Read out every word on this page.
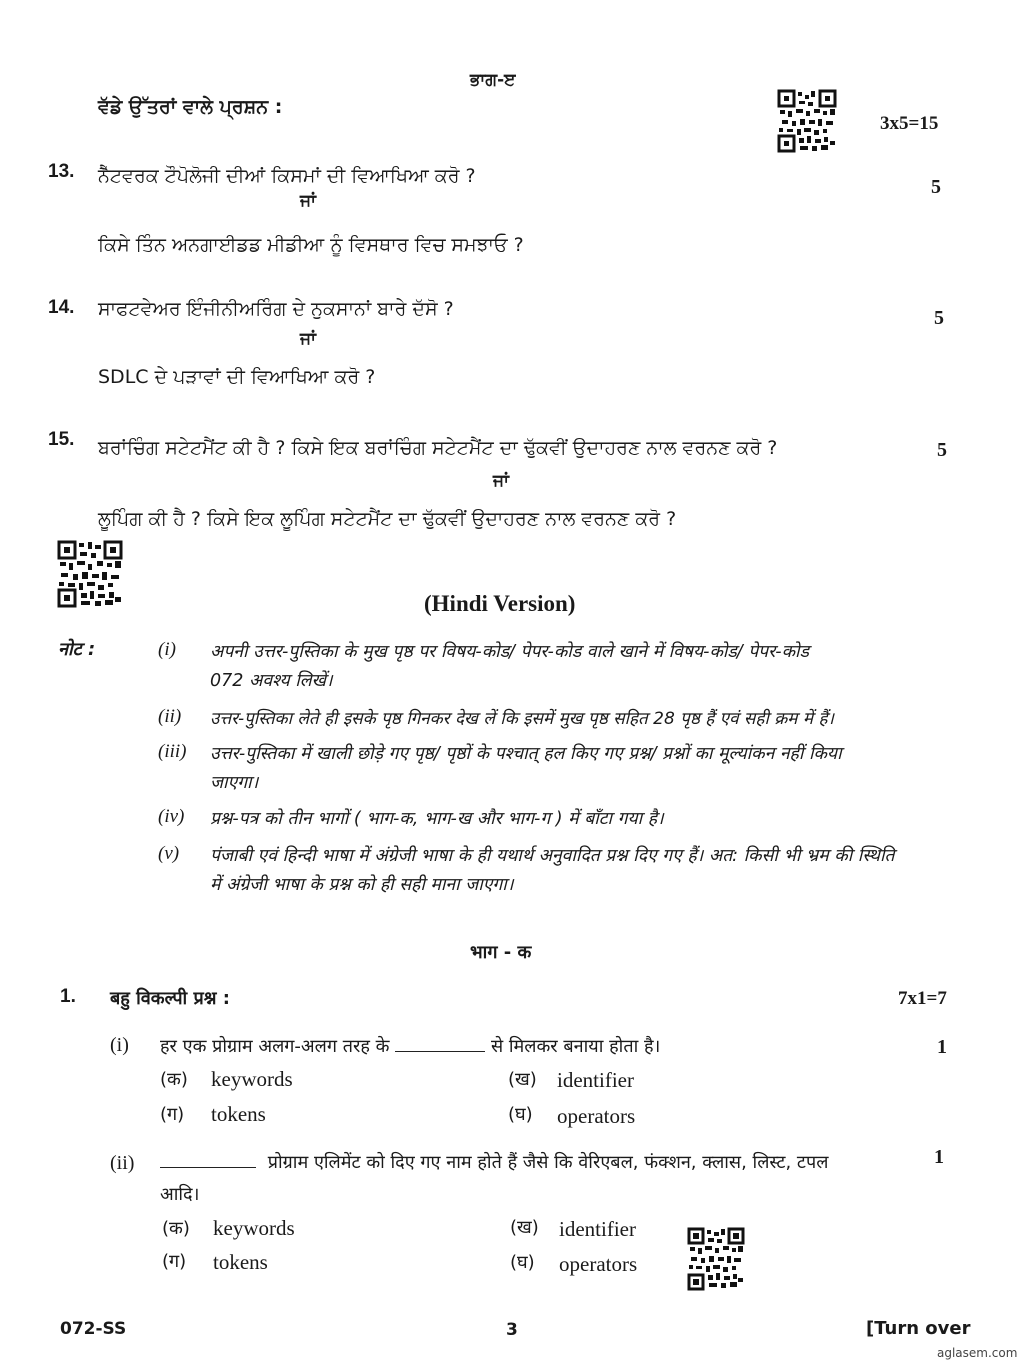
ਭਾਗ-ੲ
ਵੱਡੇ ਉੱਤਰਾਂ ਵਾਲੇ ਪ੍ਰਸ਼ਨ :
3x5=15
13. ਨੈੱਟਵਰਕ ਟੌਪੋਲੋਜੀ ਦੀਆਂ ਕਿਸਮਾਂ ਦੀ ਵਿਆਖਿਆ ਕਰੋ ?	5
ਜਾਂ
ਕਿਸੇ ਤਿੰਨ ਅਨਗਾਈਡਡ ਮੀਡੀਆ ਨੂੰ ਵਿਸਥਾਰ ਵਿਚ ਸਮਝਾਓ ?
14. ਸਾਫਟਵੇਅਰ ਇੰਜੀਨੀਅਰਿੰਗ ਦੇ ਨੁਕਸਾਨਾਂ ਬਾਰੇ ਦੱਸੋ ?	5
ਜਾਂ
SDLC ਦੇ ਪੜਾਵਾਂ ਦੀ ਵਿਆਖਿਆ ਕਰੋ ?
15. ਬਰਾਂਚਿੰਗ ਸਟੇਟਮੈਂਟ ਕੀ ਹੈ ? ਕਿਸੇ ਇਕ ਬਰਾਂਚਿੰਗ ਸਟੇਟਮੈਂਟ ਦਾ ਢੁੱਕਵੀਂ ਉਦਾਹਰਣ ਨਾਲ ਵਰਨਣ ਕਰੋ ?	5
ਜਾਂ
ਲੂਪਿੰਗ ਕੀ ਹੈ ? ਕਿਸੇ ਇਕ ਲੂਪਿੰਗ ਸਟੇਟਮੈਂਟ ਦਾ ਢੁੱਕਵੀਂ ਉਦਾਹਰਣ ਨਾਲ ਵਰਨਣ ਕਰੋ ?
(Hindi Version)
नोट :	(i) अपनी उत्तर-पुस्तिका के मुख पृष्ठ पर विषय-कोड/ पेपर-कोड वाले खाने में विषय-कोड/ पेपर-कोड
072 अवश्य लिखें।
(ii) उत्तर-पुस्तिका लेते ही इसके पृष्ठ गिनकर देख लें कि इसमें मुख पृष्ठ सहित 28 पृष्ठ हैं एवं सही क्रम में हैं।
(iii) उत्तर-पुस्तिका में खाली छोड़े गए पृष्ठ/ पृष्ठों के पश्चात् हल किए गए प्रश्न/ प्रश्नों का मूल्यांकन नहीं किया
जाएगा।
(iv) प्रश्न-पत्र को तीन भागों ( भाग-क, भाग-ख और भाग-ग ) में बाँटा गया है।
(v) पंजाबी एवं हिन्दी भाषा में अंग्रेजी भाषा के ही यथार्थ अनुवादित प्रश्न दिए गए हैं। अत: किसी भी भ्रम की स्थिति
में अंग्रेजी भाषा के प्रश्न को ही सही माना जाएगा।
भाग - क
1. बहु विकल्पी प्रश्न :	7x1=7
(i) हर एक प्रोग्राम अलग-अलग तरह के	से मिलकर बनाया होता है।	1
(क) keywords	(ख) identifier
(ग) tokens	(घ) operators
(ii)	प्रोग्राम एलिमेंट को दिए गए नाम होते हैं जैसे कि वेरिएबल, फंक्शन, क्लास, लिस्ट, टपल
आदि।
1
(क) keywords	(ख) identifier
(ग) tokens	(घ) operators
072-SS	3	[Turn over
aglasem.com
